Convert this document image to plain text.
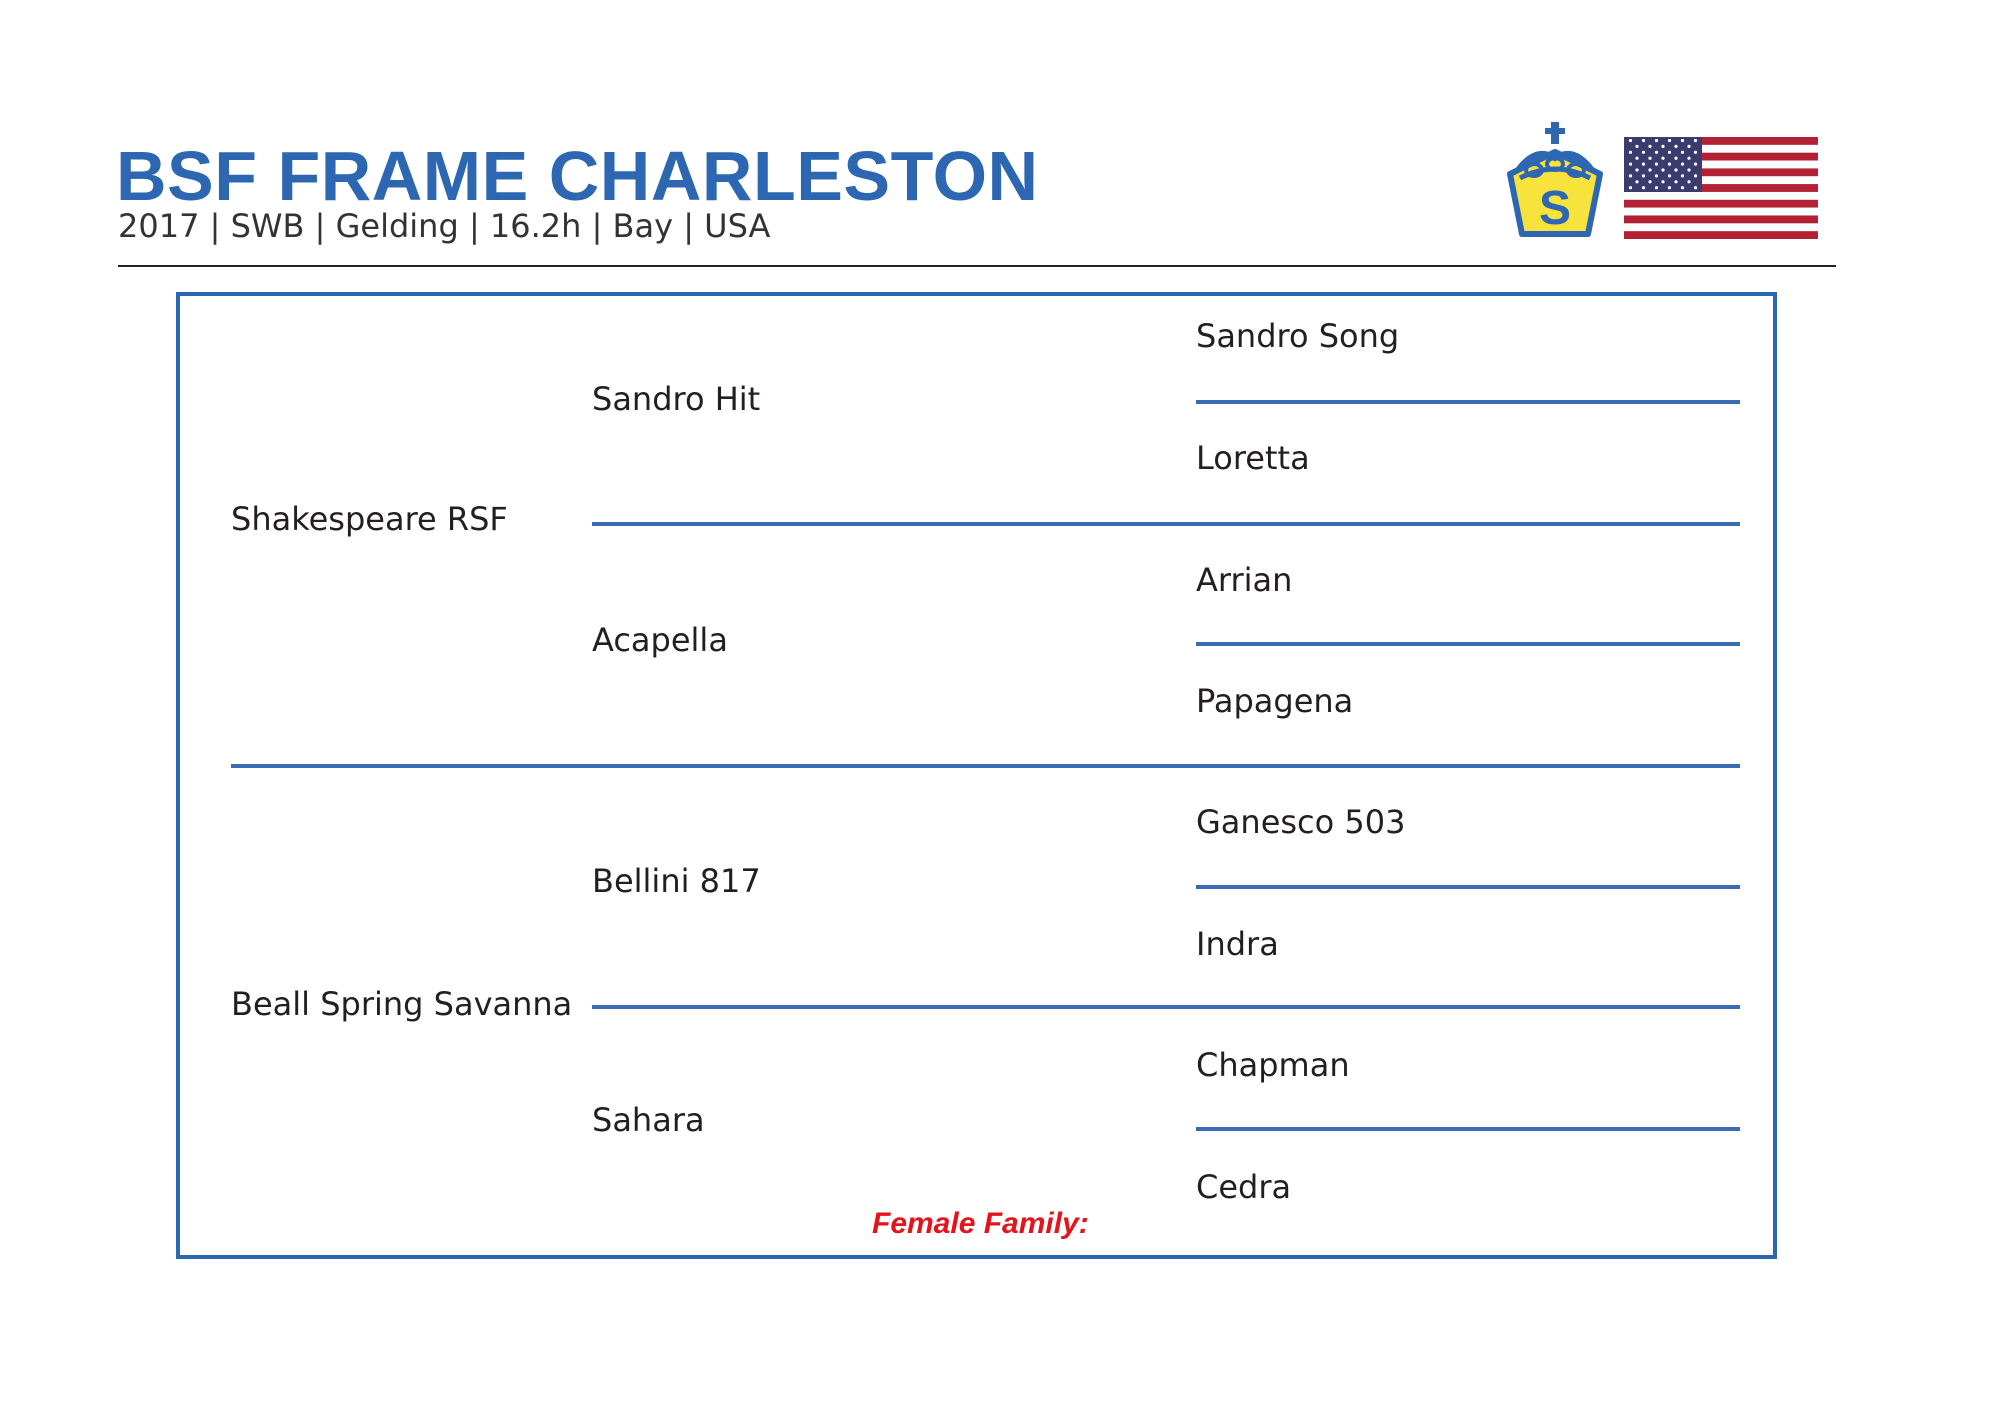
BSF FRAME CHARLESTON
2017 | SWB | Gelding | 16.2h | Bay | USA	S
Shakespeare RSF
Beall Spring Savanna
Sandro Hit
Acapella
Bellini 817
Sahara
Sandro Song
Loretta
Arrian
Papagena
Ganesco 503
Indra
Chapman
Cedra
Female Family:
